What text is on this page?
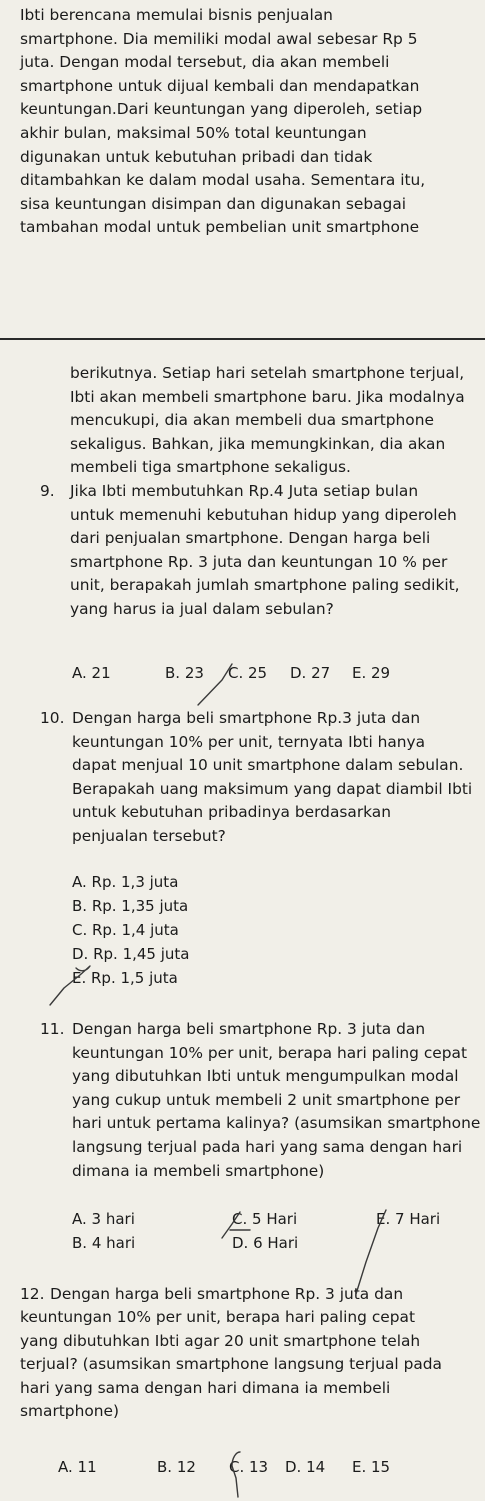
Ibti berencana memulai bisnis penjualan
smartphone. Dia memiliki modal awal sebesar Rp 5
juta. Dengan modal tersebut, dia akan membeli
smartphone untuk dijual kembali dan mendapatkan
keuntungan.Dari keuntungan yang diperoleh, setiap
akhir bulan, maksimal 50% total keuntungan
digunakan untuk kebutuhan pribadi dan tidak
ditambahkan ke dalam modal usaha. Sementara itu,
sisa keuntungan disimpan dan digunakan sebagai
tambahan modal untuk pembelian unit smartphone
berikutnya. Setiap hari setelah smartphone terjual,
Ibti akan membeli smartphone baru. Jika modalnya
mencukupi, dia akan membeli dua smartphone
sekaligus. Bahkan, jika memungkinkan, dia akan
membeli tiga smartphone sekaligus.
9. Jika Ibti membutuhkan Rp.4 Juta setiap bulan
untuk memenuhi kebutuhan hidup yang diperoleh
dari penjualan smartphone. Dengan harga beli
smartphone Rp. 3 juta dan keuntungan 10 % per
unit, berapakah jumlah smartphone paling sedikit,
yang harus ia jual dalam sebulan?
A. 21	B. 23 C. 25 D. 27 E. 29
10. Dengan harga beli smartphone Rp.3 juta dan
keuntungan 10% per unit, ternyata Ibti hanya
dapat menjual 10 unit smartphone dalam sebulan.
Berapakah uang maksimum yang dapat diambil Ibti
untuk kebutuhan pribadinya berdasarkan
penjualan tersebut?
A. Rp. 1,3 juta
B. Rp. 1,35 juta
C. Rp. 1,4 juta
D. Rp. 1,45 juta
E. Rp. 1,5 juta
11. Dengan harga beli smartphone Rp. 3 juta dan
keuntungan 10% per unit, berapa hari paling cepat
yang dibutuhkan Ibti untuk mengumpulkan modal
yang cukup untuk membeli 2 unit smartphone per
hari untuk pertama kalinya? (asumsikan smartphone
langsung terjual pada hari yang sama dengan hari
dimana ia membeli smartphone)
A. 3 hari
B. 4 hari
C. 5 Hari
D. 6 Hari
E. 7 Hari
12. Dengan harga beli smartphone Rp. 3 juta dan
keuntungan 10% per unit, berapa hari paling cepat
yang dibutuhkan Ibti agar 20 unit smartphone telah
terjual? (asumsikan smartphone langsung terjual pada
hari yang sama dengan hari dimana ia membeli
smartphone)
A. 11	B. 12 C. 13 D. 14 E. 15
